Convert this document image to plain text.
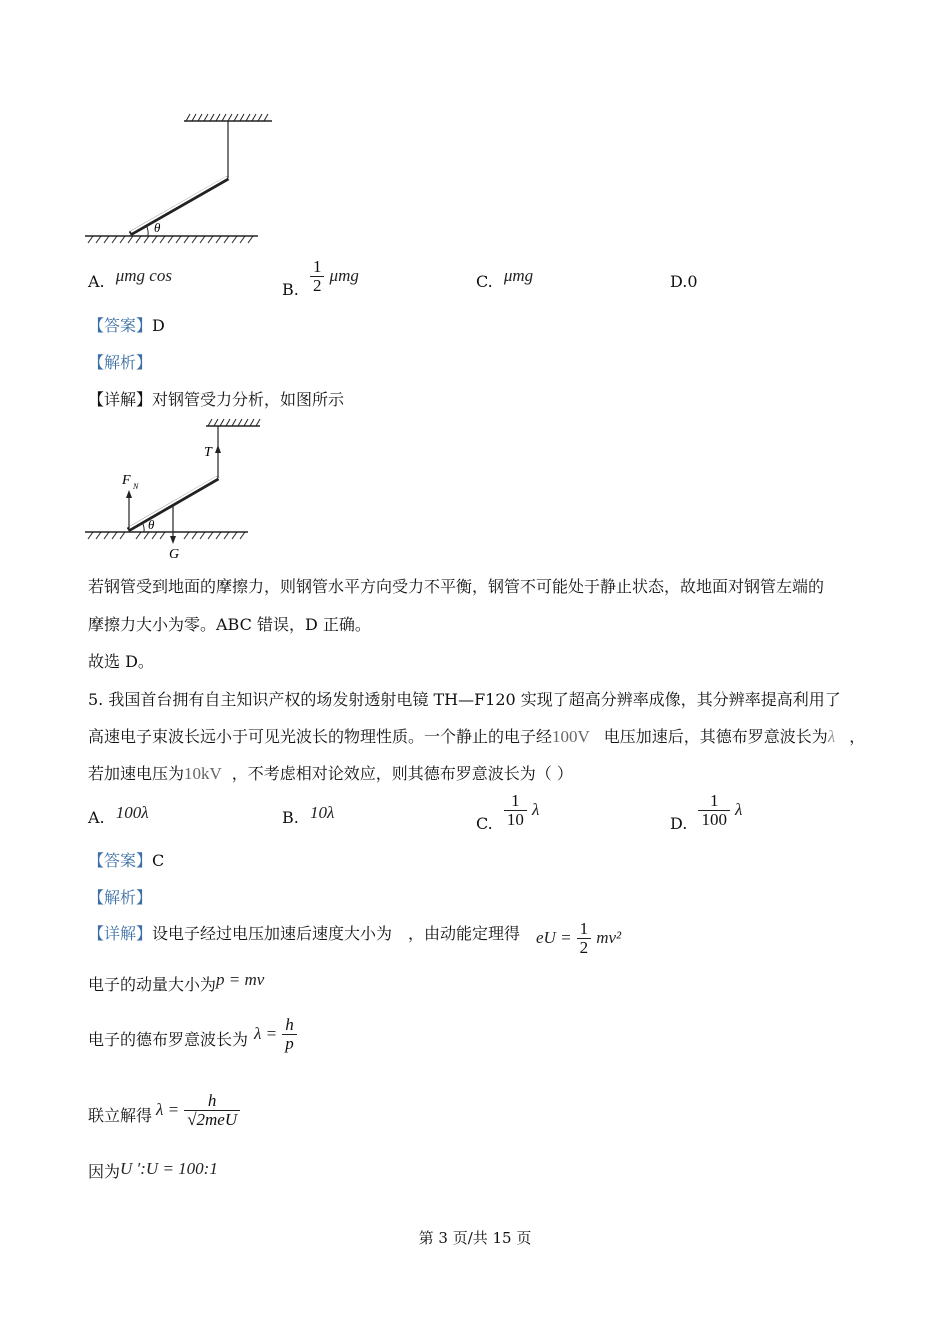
θ
A. μmg cos
B. $\frac{1}{2}$ μmg	C. μmg	D.0
【答案】D
【解析】
【详解】对钢管受力分析，如图所示
T
F N
G
θ
若钢管受到地面的摩擦力，则钢管水平方向受力不平衡，钢管不可能处于静止状态，故地面对钢管左端的
摩擦力大小为零。ABC 错误，D 正确。
故选 D。
5. 我国首台拥有自主知识产权的场发射透射电镜 TH—F120 实现了超高分辨率成像，其分辨率提高利用了
高速电子束波长远小于可见光波长的物理性质。一个静止的电子经100V 电压加速后，其德布罗意波长为λ ，
若加速电压为10kV ，不考虑相对论效应，则其德布罗意波长为（ ）
A. 100λ	B. 10λ
C. $\frac{1}{10}$ λ
D. $\frac{1}{100}$ λ
【答案】C
【解析】
【详解】设电子经过电压加速后速度大小为 ，由动能定理得 eU = $\frac{1}{2} mv^2$
电子的动量大小为p = mv
电子的德布罗意波长为 $\lambda = \frac{h}{p}$
联立解得 $\lambda = \frac{h}{\text{√2meU}}$
因为U ′:U = 100:1
第 3 页/共 15 页
